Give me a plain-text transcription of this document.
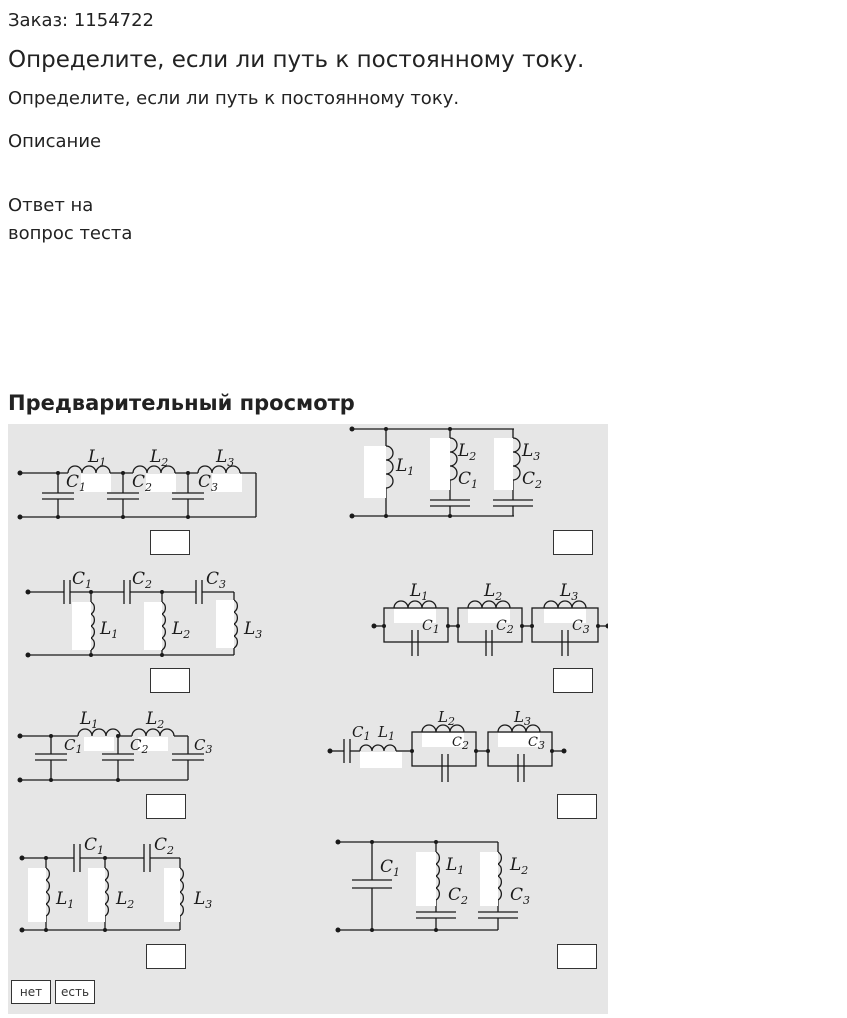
Заказ: 1154722
Определите, если ли путь к постоянному току.
Определите, если ли путь к постоянному току.
Описание
Ответ на
вопрос теста
Предварительный просмотр
$L_1$	$L_2$	$L_3$
$C_1$	$C_2$	$C_3$
$L_1$
$L_2$
$C_1$
$L_3$
$C_2$
$C_1$ $C_2$	$C_3$
$L_1$	$L_2$	$L_3$
$L_1$	$L_2$	$L_3$
$C_1$	$C_2$	$C_3$
$L_1$	$L_2$
$C_1$	$C_2$	$C_3$
$C_1$ $L_1$
$L_2$	$L_3$
$C_2$	$C_3$
$C_1$	$C_2$
$L_1$ $L_2$	$L_3$
$C_1$	$L_1$
$C_2$
$L_2$
$C_3$
нет	есть
